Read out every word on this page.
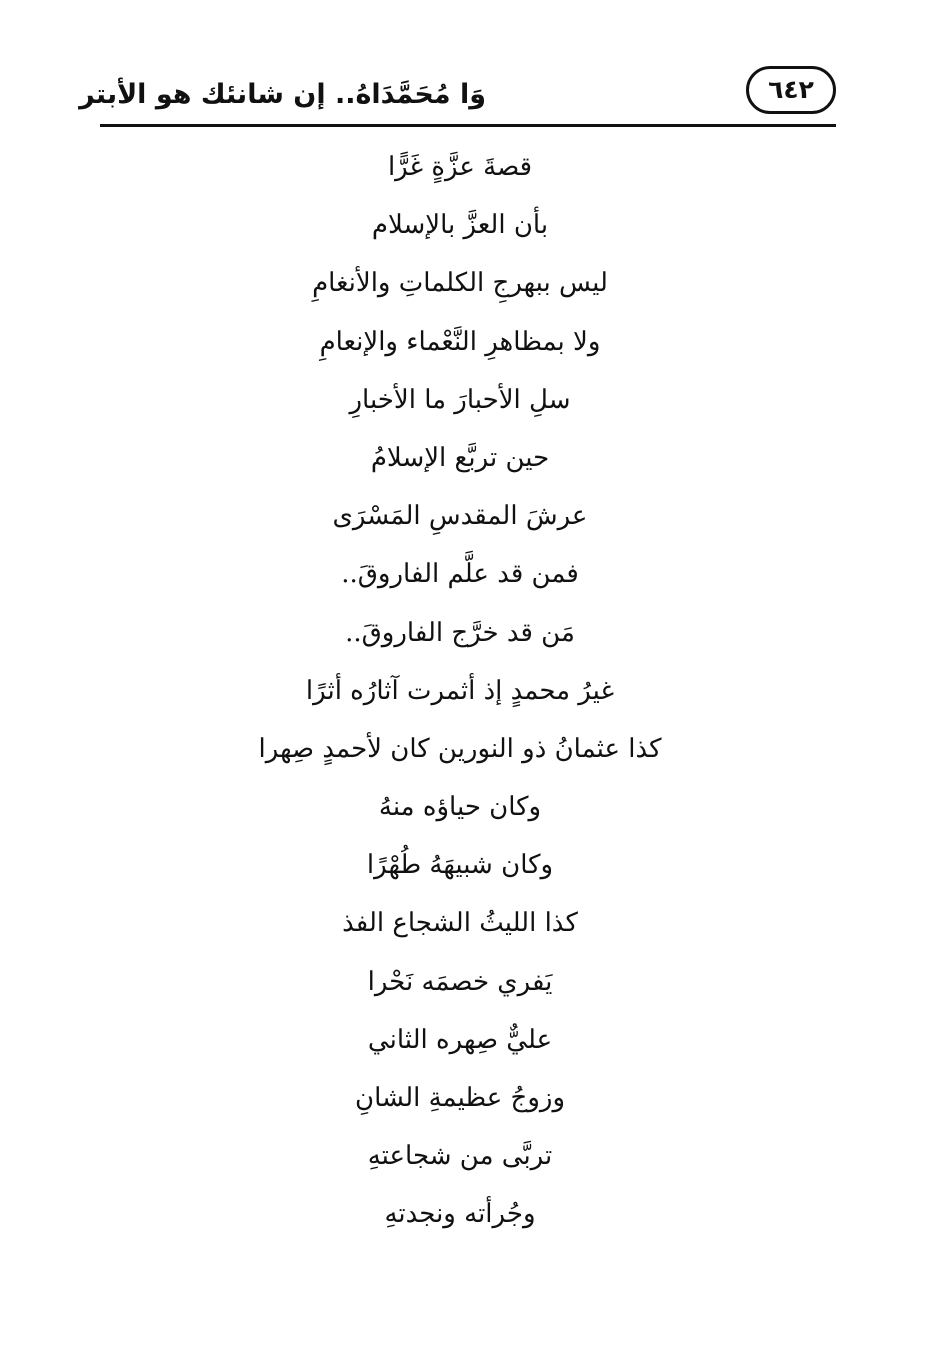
وَا مُحَمَّدَاهُ.. إن شانئك هو الأبتر	٦٤٢
قصةَ عزَّةٍ غَرًّا
بأن العزَّ بالإسلام
ليس ببهرجِ الكلماتِ والأنغامِ
ولا بمظاهرِ النَّعْماء والإنعامِ
سلِ الأحبارَ ما الأخبارِ
حين تربَّع الإسلامُ
عرشَ المقدسِ المَسْرَى
فمن قد علَّم الفاروقَ..
مَن قد خرَّج الفاروقَ..
غيرُ محمدٍ إذ أثمرت آثارُه أثرًا
كذا عثمانُ ذو النورين كان لأحمدٍ صِهرا
وكان حياؤه منهُ
وكان شبيهَهُ طُهْرًا
كذا الليثُ الشجاع الفذ
يَفري خصمَه نَحْرا
عليٌّ صِهره الثاني
وزوجُ عظيمةِ الشانِ
تربَّى من شجاعتهِ
وجُرأته ونجدتهِ
